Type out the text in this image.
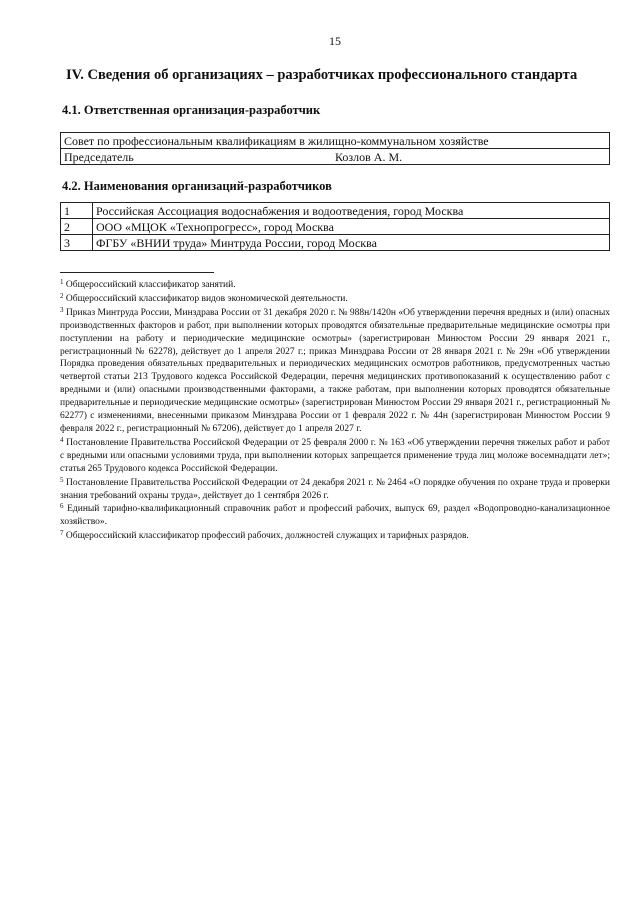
15
IV. Сведения об организациях – разработчиках профессионального стандарта
4.1. Ответственная организация-разработчик
Совет по профессиональным квалификациям в жилищно-коммунальном хозяйстве
Председатель	Козлов А. М.
4.2. Наименования организаций-разработчиков
1	Российская Ассоциация водоснабжения и водоотведения, город Москва
2	ООО «МЦОК «Технопрогресс», город Москва
3	ФГБУ «ВНИИ труда» Минтруда России, город Москва

$^1$ Общероссийский классификатор занятий.

$^2$ Общероссийский классификатор видов экономической деятельности.

$^3$ Приказ Минтруда России, Минздрава России от 31 декабря 2020 г. № 988н/1420н «Об утверждении перечня вредных и (или) опасных производственных факторов и работ, при выполнении которых проводятся обязательные предварительные медицинские осмотры при поступлении на работу и периодические медицинские осмотры» (зарегистрирован Минюстом России 29 января 2021 г., регистрационный № 62278), действует до 1 апреля 2027 г.; приказ Минздрава России от 28 января 2021 г. № 29н «Об утверждении Порядка проведения обязательных предварительных и периодических медицинских осмотров работников, предусмотренных частью четвертой статьи 213 Трудового кодекса Российской Федерации, перечня медицинских противопоказаний к осуществлению работ с вредными и (или) опасными производственными факторами, а также работам, при выполнении которых проводятся обязательные предварительные и периодические медицинские осмотры» (зарегистрирован Минюстом России 29 января 2021 г., регистрационный № 62277) с изменениями, внесенными приказом Минздрава России от 1 февраля 2022 г. № 44н (зарегистрирован Минюстом России 9 февраля 2022 г., регистрационный № 67206), действует до 1 апреля 2027 г.

$^4$ Постановление Правительства Российской Федерации от 25 февраля 2000 г. № 163 «Об утверждении перечня тяжелых работ и работ с вредными или опасными условиями труда, при выполнении которых запрещается применение труда лиц моложе восемнадцати лет»; статья 265 Трудового кодекса Российской Федерации.

$^5$ Постановление Правительства Российской Федерации от 24 декабря 2021 г. № 2464 «О порядке обучения по охране труда и проверки знания требований охраны труда», действует до 1 сентября 2026 г.

$^6$ Единый тарифно-квалификационный справочник работ и профессий рабочих, выпуск 69, раздел «Водопроводно-канализационное хозяйство».

$^7$ Общероссийский классификатор профессий рабочих, должностей служащих и тарифных разрядов.
